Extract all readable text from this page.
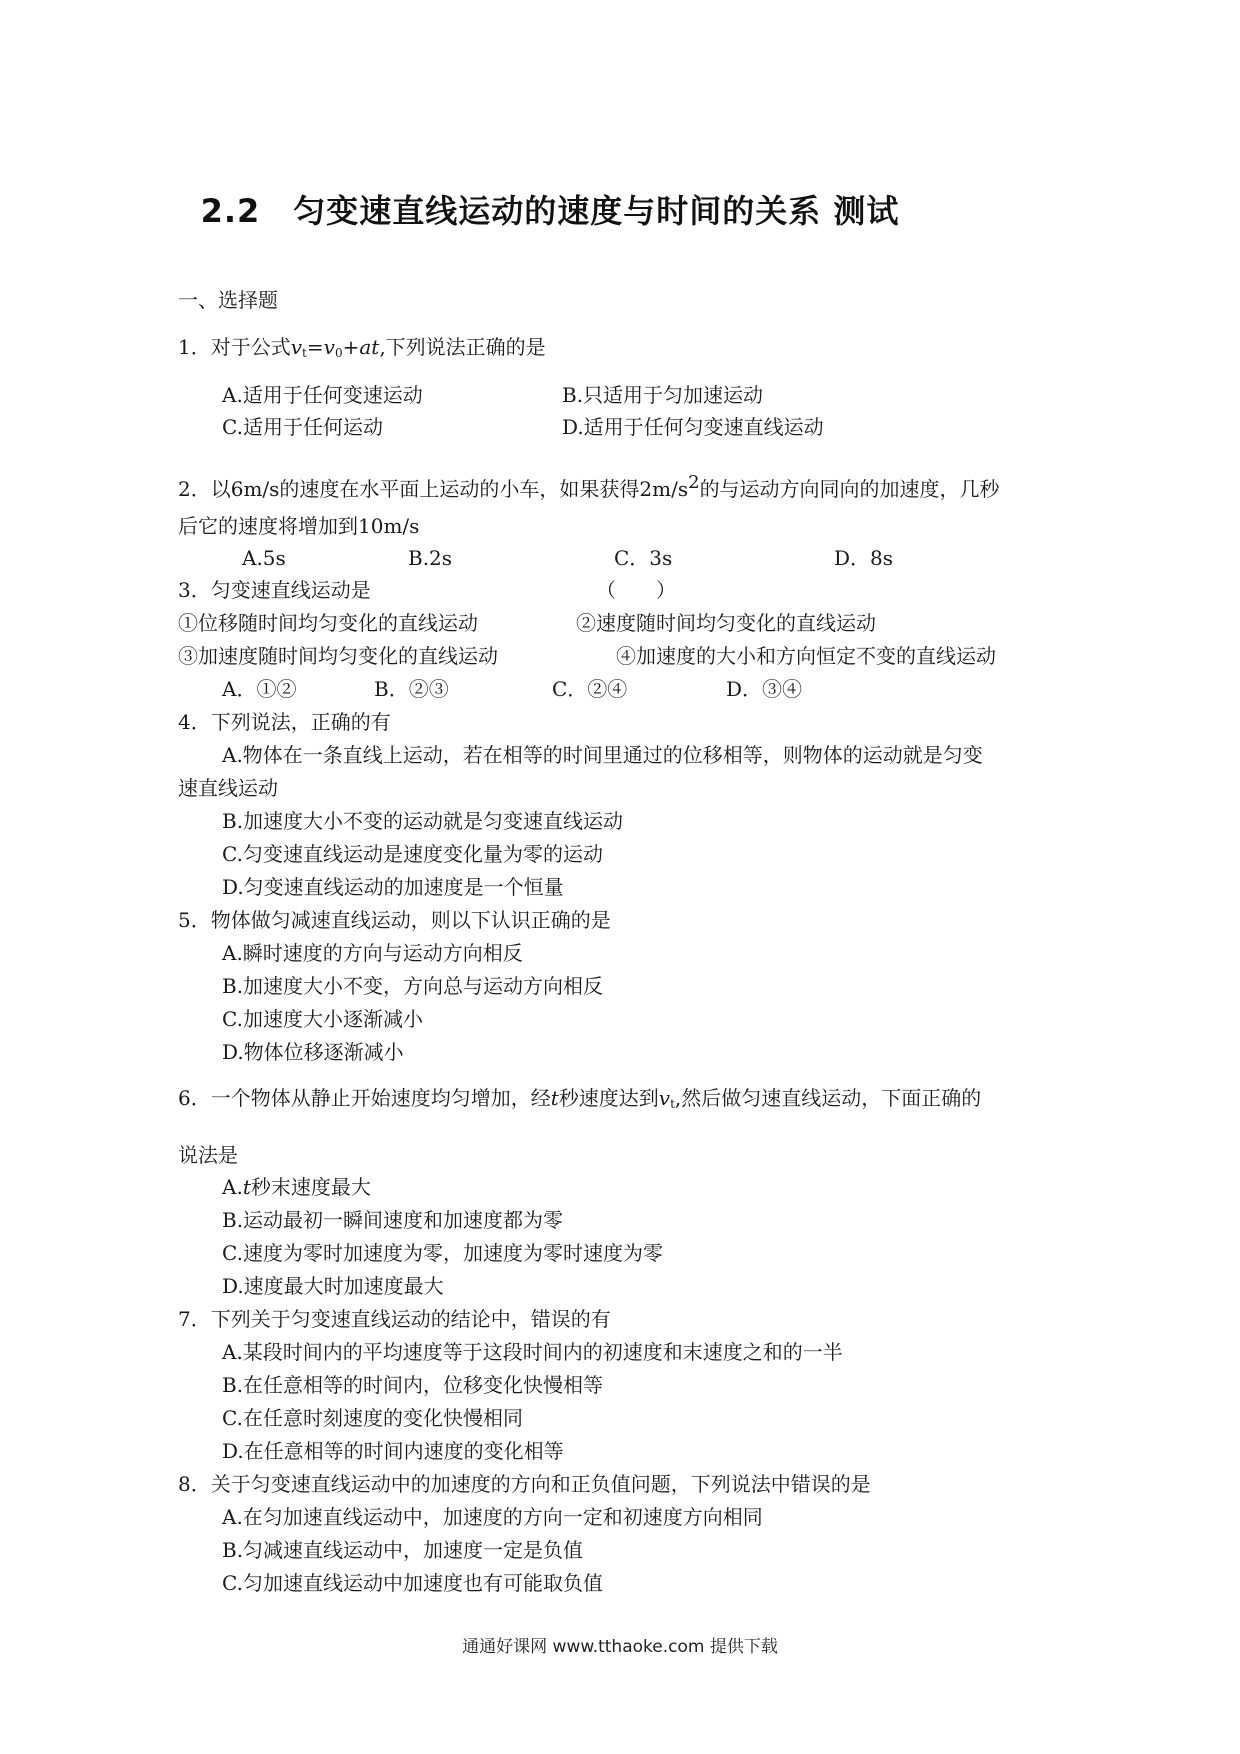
2.2　匀变速直线运动的速度与时间的关系 测试
一、选择题
1．对于公式$v_t=v_0+at$,下列说法正确的是
A.适用于任何变速运动	B.只适用于匀加速运动
C.适用于任何运动	D.适用于任何匀变速直线运动
2．以6m/s的速度在水平面上运动的小车，如果获得$2m/s^2$的与运动方向同向的加速度，几秒
后它的速度将增加到10m/s
A.5s	B.2s	C．3s	D．8s
3．匀变速直线运动是	（　　）
①位移随时间均匀变化的直线运动	②速度随时间均匀变化的直线运动
③加速度随时间均匀变化的直线运动	④加速度的大小和方向恒定不变的直线运动
A．①②	B．②③	C．②④	D．③④
4．下列说法，正确的有
A.物体在一条直线上运动，若在相等的时间里通过的位移相等，则物体的运动就是匀变
速直线运动
B.加速度大小不变的运动就是匀变速直线运动
C.匀变速直线运动是速度变化量为零的运动
D.匀变速直线运动的加速度是一个恒量
5．物体做匀减速直线运动，则以下认识正确的是
A.瞬时速度的方向与运动方向相反
B.加速度大小不变，方向总与运动方向相反
C.加速度大小逐渐减小
D.物体位移逐渐减小
6．一个物体从静止开始速度均匀增加，经t秒速度达到$v_t$,然后做匀速直线运动，下面正确的
说法是
A.t秒末速度最大
B.运动最初一瞬间速度和加速度都为零
C.速度为零时加速度为零，加速度为零时速度为零
D.速度最大时加速度最大
7．下列关于匀变速直线运动的结论中，错误的有
A.某段时间内的平均速度等于这段时间内的初速度和末速度之和的一半
B.在任意相等的时间内，位移变化快慢相等
C.在任意时刻速度的变化快慢相同
D.在任意相等的时间内速度的变化相等
8．关于匀变速直线运动中的加速度的方向和正负值问题，下列说法中错误的是
A.在匀加速直线运动中，加速度的方向一定和初速度方向相同
B.匀减速直线运动中，加速度一定是负值
C.匀加速直线运动中加速度也有可能取负值
通通好课网 www.tthaoke.com 提供下载
